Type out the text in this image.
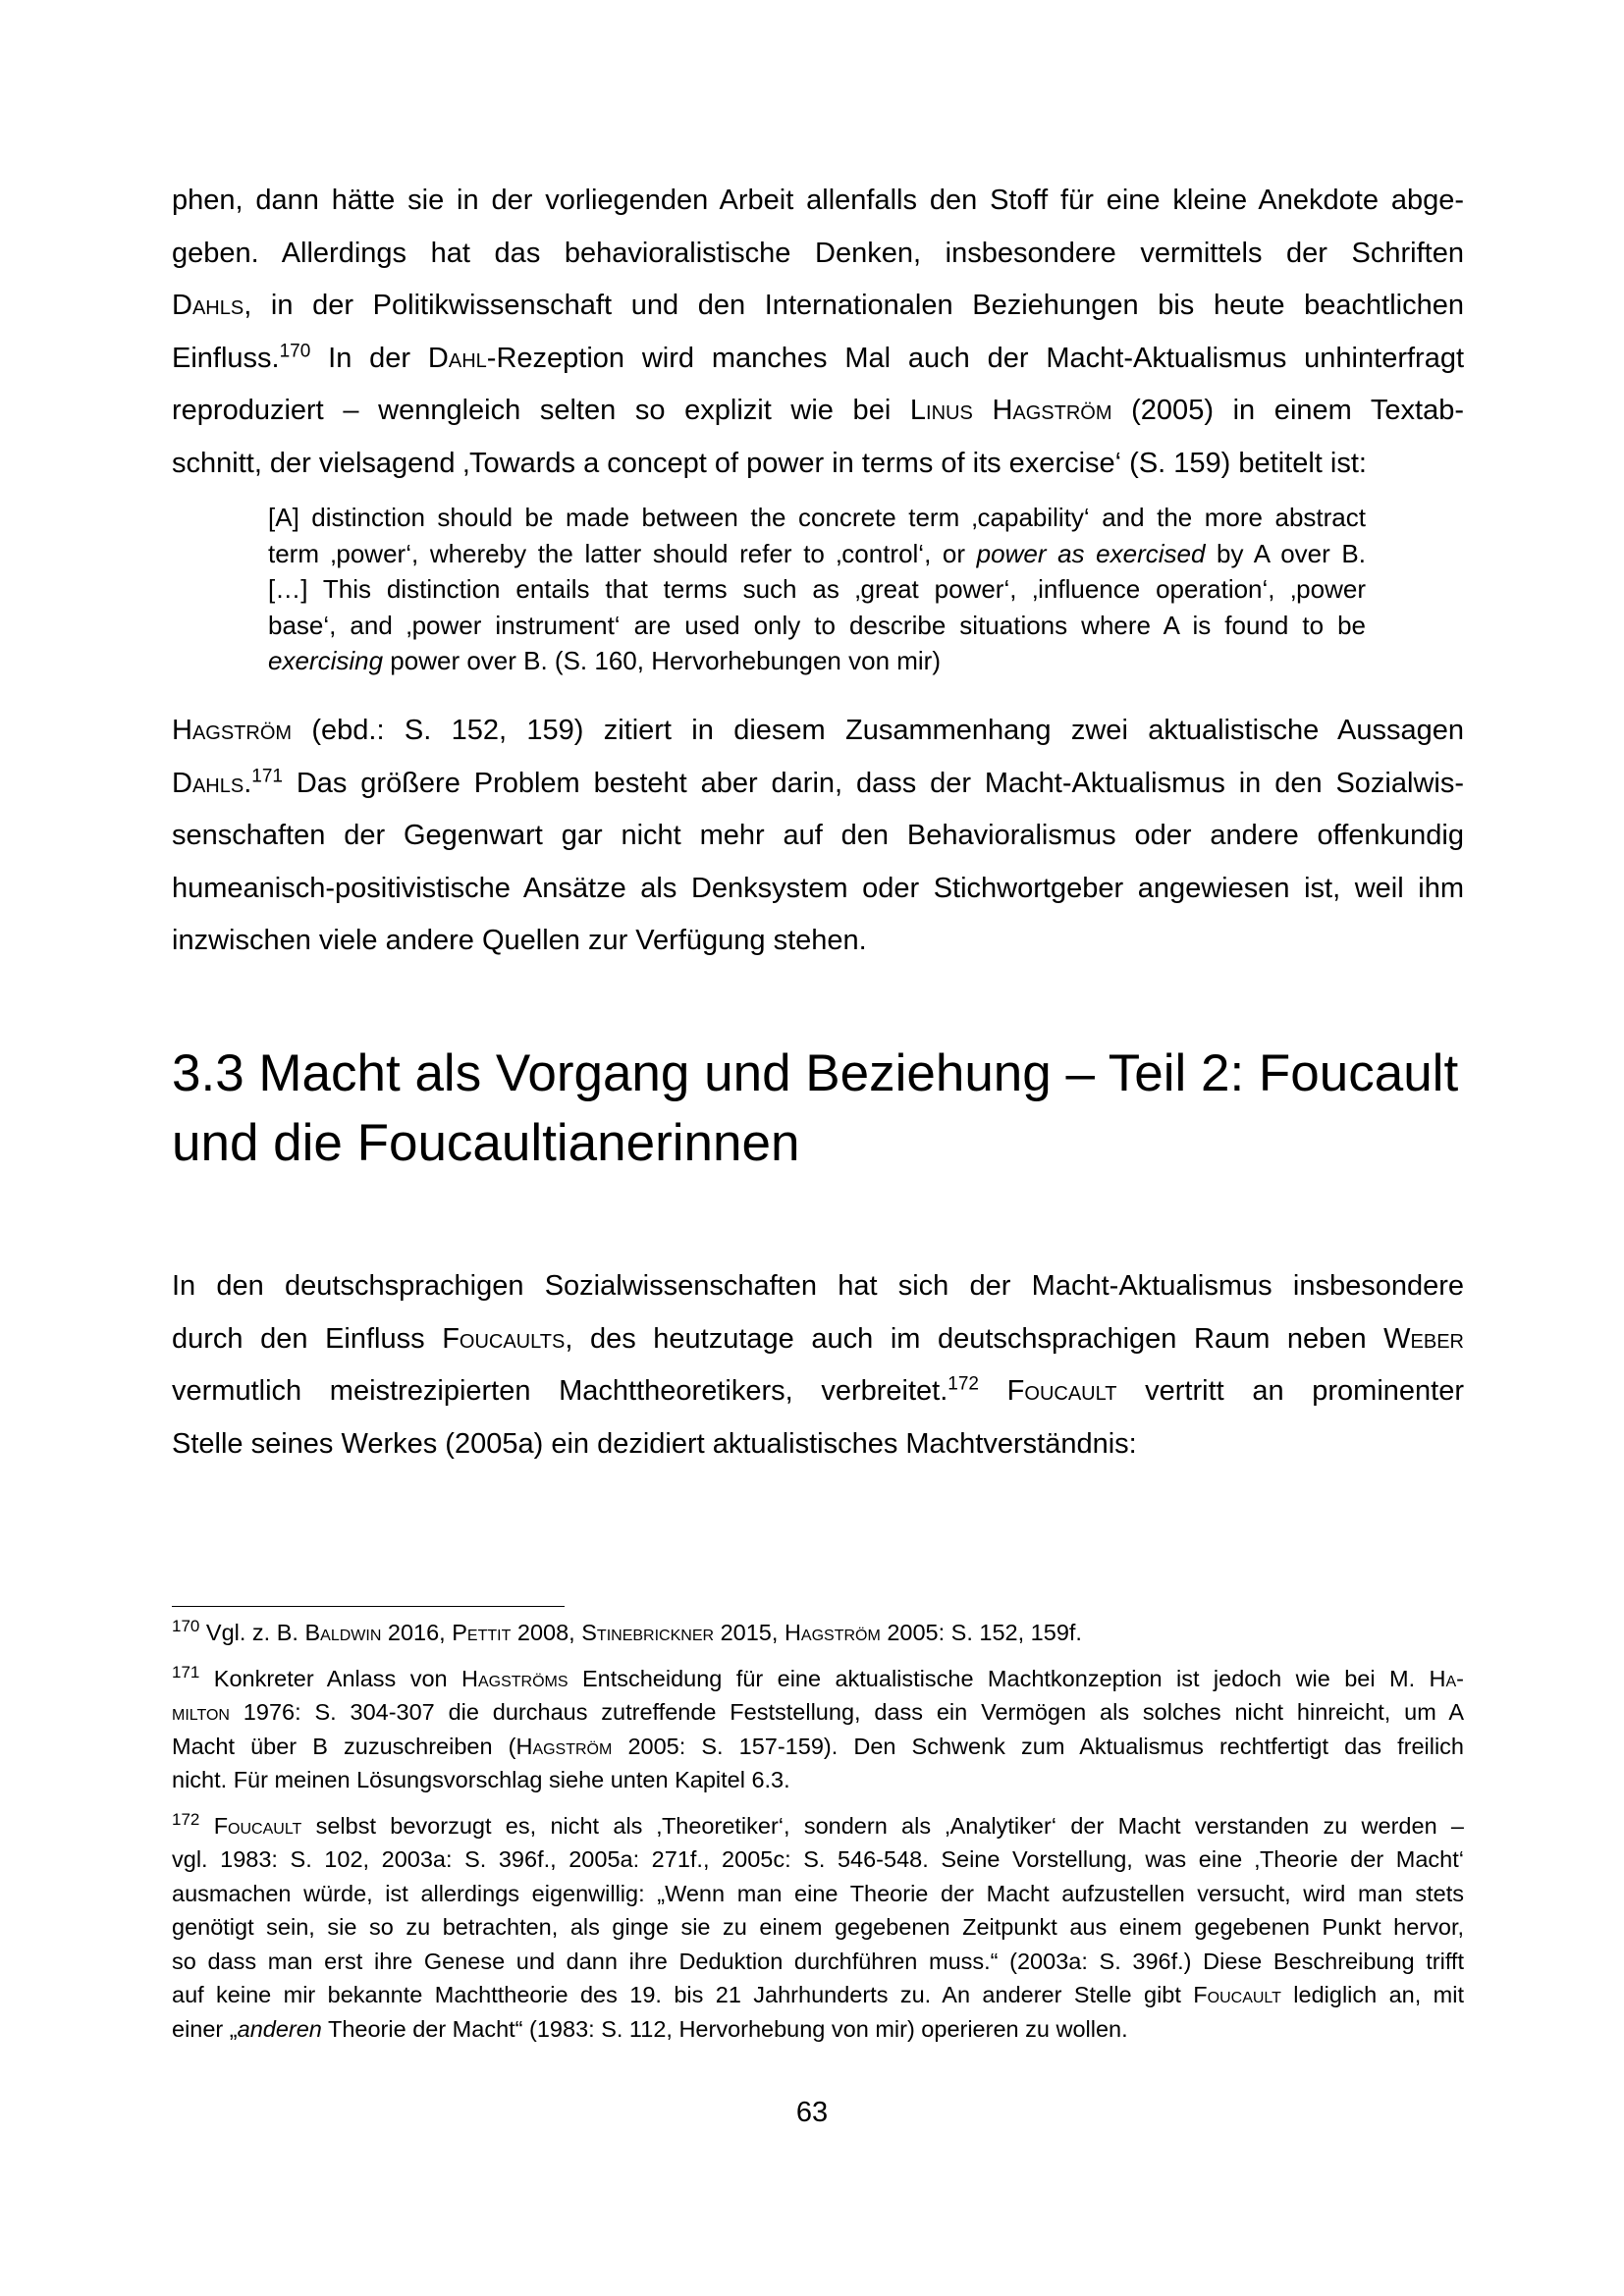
phen, dann hätte sie in der vorliegenden Arbeit allenfalls den Stoff für eine kleine Anekdote abge-
geben. Allerdings hat das behavioralistische Denken, insbesondere vermittels der Schriften
Dahls, in der Politikwissenschaft und den Internationalen Beziehungen bis heute beachtlichen
Einfluss.$^{170}$ In der Dahl-Rezeption wird manches Mal auch der Macht-Aktualismus unhinterfragt
reproduziert – wenngleich selten so explizit wie bei Linus Hagström (2005) in einem Textab-
schnitt, der vielsagend ‚Towards a concept of power in terms of its exercise‘ (S. 159) betitelt ist:

[A] distinction should be made between the concrete term ‚capability‘ and the more abstract
term ‚power‘, whereby the latter should refer to ‚control‘, or power as exercised by A over B.
[…] This distinction entails that terms such as ‚great power‘, ‚influence operation‘, ‚power
base‘, and ‚power instrument‘ are used only to describe situations where A is found to be
exercising power over B. (S. 160, Hervorhebungen von mir)

Hagström (ebd.: S. 152, 159) zitiert in diesem Zusammenhang zwei aktualistische Aussagen
Dahls.$^{171}$ Das größere Problem besteht aber darin, dass der Macht-Aktualismus in den Sozialwis-
senschaften der Gegenwart gar nicht mehr auf den Behavioralismus oder andere offenkundig
humeanisch-positivistische Ansätze als Denksystem oder Stichwortgeber angewiesen ist, weil ihm
inzwischen viele andere Quellen zur Verfügung stehen.

3.3 Macht als Vorgang und Beziehung – Teil 2: Foucault
und die Foucaultianerinnen

In den deutschsprachigen Sozialwissenschaften hat sich der Macht-Aktualismus insbesondere
durch den Einfluss Foucaults, des heutzutage auch im deutschsprachigen Raum neben Weber
vermutlich meistrezipierten Machttheoretikers, verbreitet.$^{172}$ Foucault vertritt an prominenter
Stelle seines Werkes (2005a) ein dezidiert aktualistisches Machtverständnis:

$^{170}$ Vgl. z. B. Baldwin 2016, Pettit 2008, Stinebrickner 2015, Hagström 2005: S. 152, 159f.

$^{171}$ Konkreter Anlass von Hagströms Entscheidung für eine aktualistische Machtkonzeption ist jedoch wie bei M. Ha-
milton 1976: S. 304-307 die durchaus zutreffende Feststellung, dass ein Vermögen als solches nicht hinreicht, um A
Macht über B zuzuschreiben (Hagström 2005: S. 157-159). Den Schwenk zum Aktualismus rechtfertigt das freilich
nicht. Für meinen Lösungsvorschlag siehe unten Kapitel 6.3.

$^{172}$ Foucault selbst bevorzugt es, nicht als ‚Theoretiker‘, sondern als ‚Analytiker‘ der Macht verstanden zu werden –
vgl. 1983: S. 102, 2003a: S. 396f., 2005a: 271f., 2005c: S. 546-548. Seine Vorstellung, was eine ‚Theorie der Macht‘
ausmachen würde, ist allerdings eigenwillig: „Wenn man eine Theorie der Macht aufzustellen versucht, wird man stets
genötigt sein, sie so zu betrachten, als ginge sie zu einem gegebenen Zeitpunkt aus einem gegebenen Punkt hervor,
so dass man erst ihre Genese und dann ihre Deduktion durchführen muss.“ (2003a: S. 396f.) Diese Beschreibung trifft
auf keine mir bekannte Machttheorie des 19. bis 21 Jahrhunderts zu. An anderer Stelle gibt Foucault lediglich an, mit
einer „anderen Theorie der Macht“ (1983: S. 112, Hervorhebung von mir) operieren zu wollen.

63
